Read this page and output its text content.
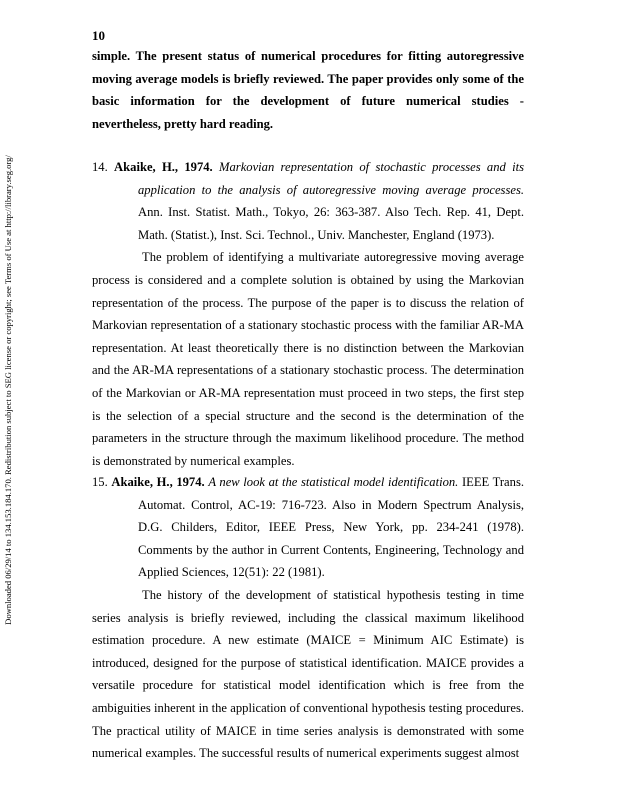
Downloaded 06/29/14 to 134.153.184.170. Redistribution subject to SEG license or copyright; see Terms of Use at http://library.seg.org/
10

simple. The present status of numerical procedures for fitting autoregressive moving average models is briefly reviewed. The paper provides only some of the basic information for the development of future numerical studies - nevertheless, pretty hard reading.

14. Akaike, H., 1974. Markovian representation of stochastic processes and its application to the analysis of autoregressive moving average processes. Ann. Inst. Statist. Math., Tokyo, 26: 363-387. Also Tech. Rep. 41, Dept. Math. (Statist.), Inst. Sci. Technol., Univ. Manchester, England (1973).

The problem of identifying a multivariate autoregressive moving average process is considered and a complete solution is obtained by using the Markovian representation of the process. The purpose of the paper is to discuss the relation of Markovian representation of a stationary stochastic process with the familiar AR-MA representation. At least theoretically there is no distinction between the Markovian and the AR-MA representations of a stationary stochastic process. The determination of the Markovian or AR-MA representation must proceed in two steps, the first step is the selection of a special structure and the second is the determination of the parameters in the structure through the maximum likelihood procedure. The method is demonstrated by numerical examples.

15. Akaike, H., 1974. A new look at the statistical model identification. IEEE Trans. Automat. Control, AC-19: 716-723. Also in Modern Spectrum Analysis, D.G. Childers, Editor, IEEE Press, New York, pp. 234-241 (1978). Comments by the author in Current Contents, Engineering, Technology and Applied Sciences, 12(51): 22 (1981).

The history of the development of statistical hypothesis testing in time series analysis is briefly reviewed, including the classical maximum likelihood estimation procedure. A new estimate (MAICE = Minimum AIC Estimate) is introduced, designed for the purpose of statistical identification. MAICE provides a versatile procedure for statistical model identification which is free from the ambiguities inherent in the application of conventional hypothesis testing procedures. The practical utility of MAICE in time series analysis is demonstrated with some numerical examples. The successful results of numerical experiments suggest almost
